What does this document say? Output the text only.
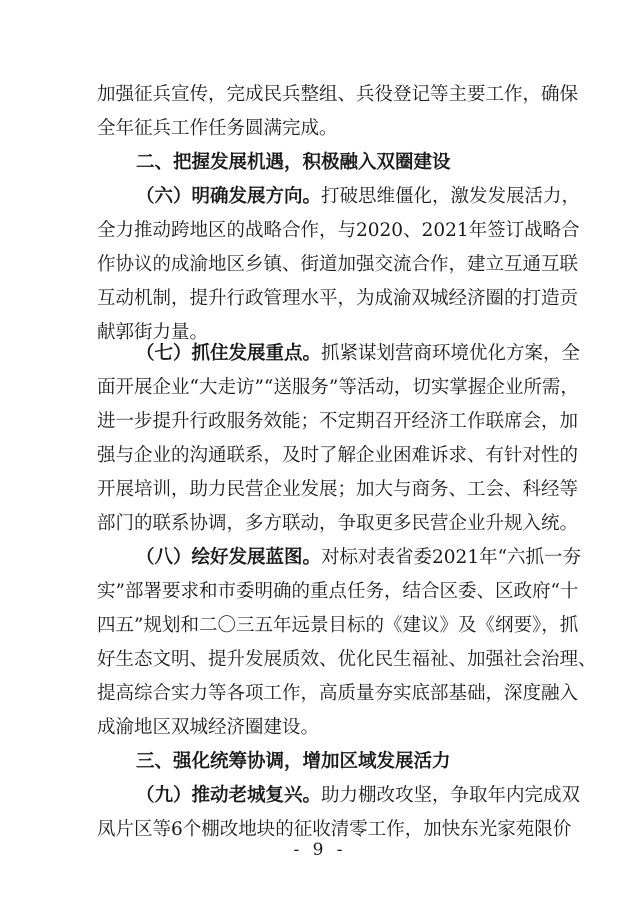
加强征兵宣传，完成民兵整组、兵役登记等主要工作，确保
全年征兵工作任务圆满完成。
二、把握发展机遇，积极融入双圈建设
（六）明确发展方向。打破思维僵化，激发发展活力，
全力推动跨地区的战略合作，与2020、2021年签订战略合
作协议的成渝地区乡镇、街道加强交流合作，建立互通互联
互动机制，提升行政管理水平，为成渝双城经济圈的打造贡
献郭街力量。
（七）抓住发展重点。抓紧谋划营商环境优化方案，全
面开展企业“大走访”“送服务”等活动，切实掌握企业所需，
进一步提升行政服务效能；不定期召开经济工作联席会，加
强与企业的沟通联系，及时了解企业困难诉求、有针对性的
开展培训，助力民营企业发展；加大与商务、工会、科经等
部门的联系协调，多方联动，争取更多民营企业升规入统。
（八）绘好发展蓝图。对标对表省委2021年“六抓一夯
实”部署要求和市委明确的重点任务，结合区委、区政府“十
四五”规划和二〇三五年远景目标的《建议》及《纲要》，抓
好生态文明、提升发展质效、优化民生福祉、加强社会治理、
提高综合实力等各项工作，高质量夯实底部基础，深度融入
成渝地区双城经济圈建设。
三、强化统筹协调，增加区域发展活力
（九）推动老城复兴。助力棚改攻坚，争取年内完成双
凤片区等6个棚改地块的征收清零工作，加快东光家苑限价
- 9 -
